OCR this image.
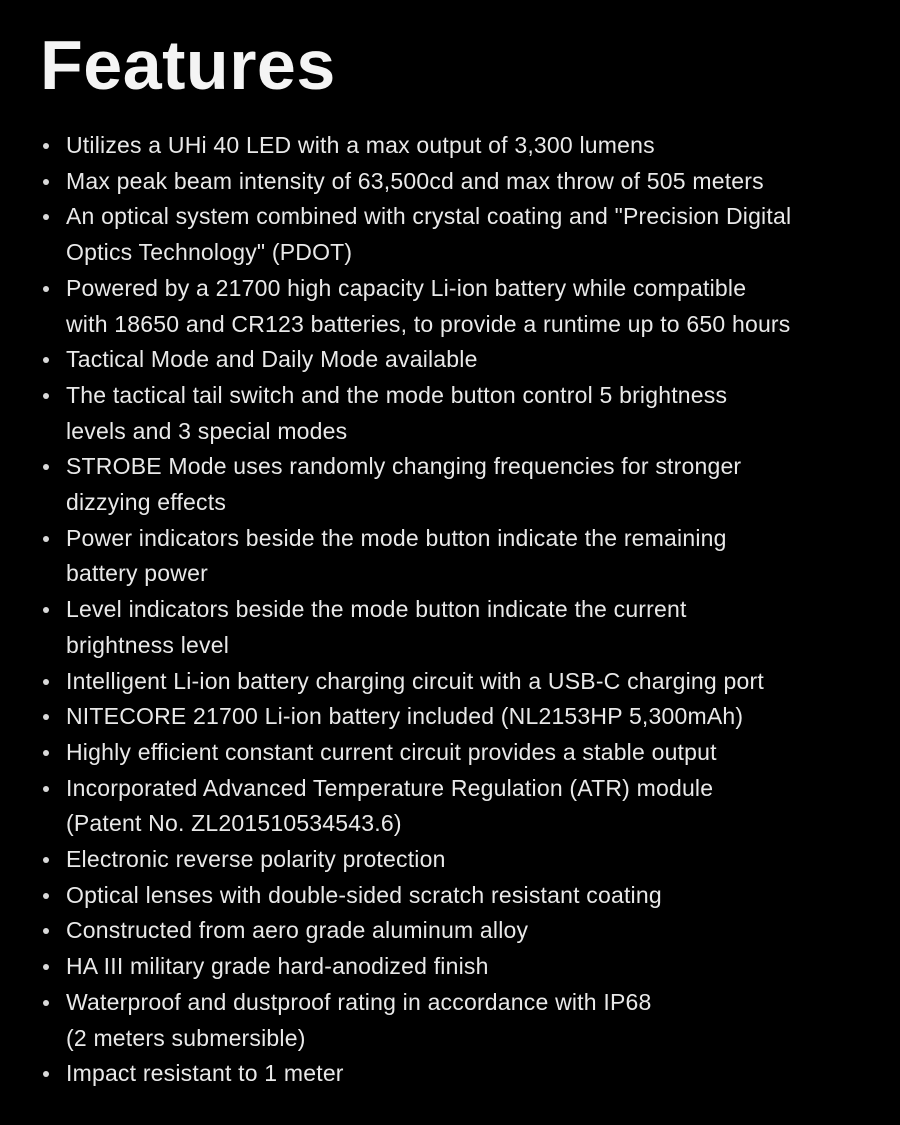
Features
Utilizes a UHi 40 LED with a max output of 3,300 lumens
Max peak beam intensity of 63,500cd and max throw of 505 meters
An optical system combined with crystal coating and "Precision Digital
Optics Technology" (PDOT)
Powered by a 21700 high capacity Li-ion battery while compatible
with 18650 and CR123 batteries, to provide a runtime up to 650 hours
Tactical Mode and Daily Mode available
The tactical tail switch and the mode button control 5 brightness
levels and 3 special modes
STROBE Mode uses randomly changing frequencies for stronger
dizzying effects
Power indicators beside the mode button indicate the remaining
battery power
Level indicators beside the mode button indicate the current
brightness level
Intelligent Li-ion battery charging circuit with a USB-C charging port
NITECORE 21700 Li-ion battery included (NL2153HP 5,300mAh)
Highly efficient constant current circuit provides a stable output
Incorporated Advanced Temperature Regulation (ATR) module
(Patent No. ZL201510534543.6)
Electronic reverse polarity protection
Optical lenses with double-sided scratch resistant coating
Constructed from aero grade aluminum alloy
HA III military grade hard-anodized finish
Waterproof and dustproof rating in accordance with IP68
(2 meters submersible)
Impact resistant to 1 meter
